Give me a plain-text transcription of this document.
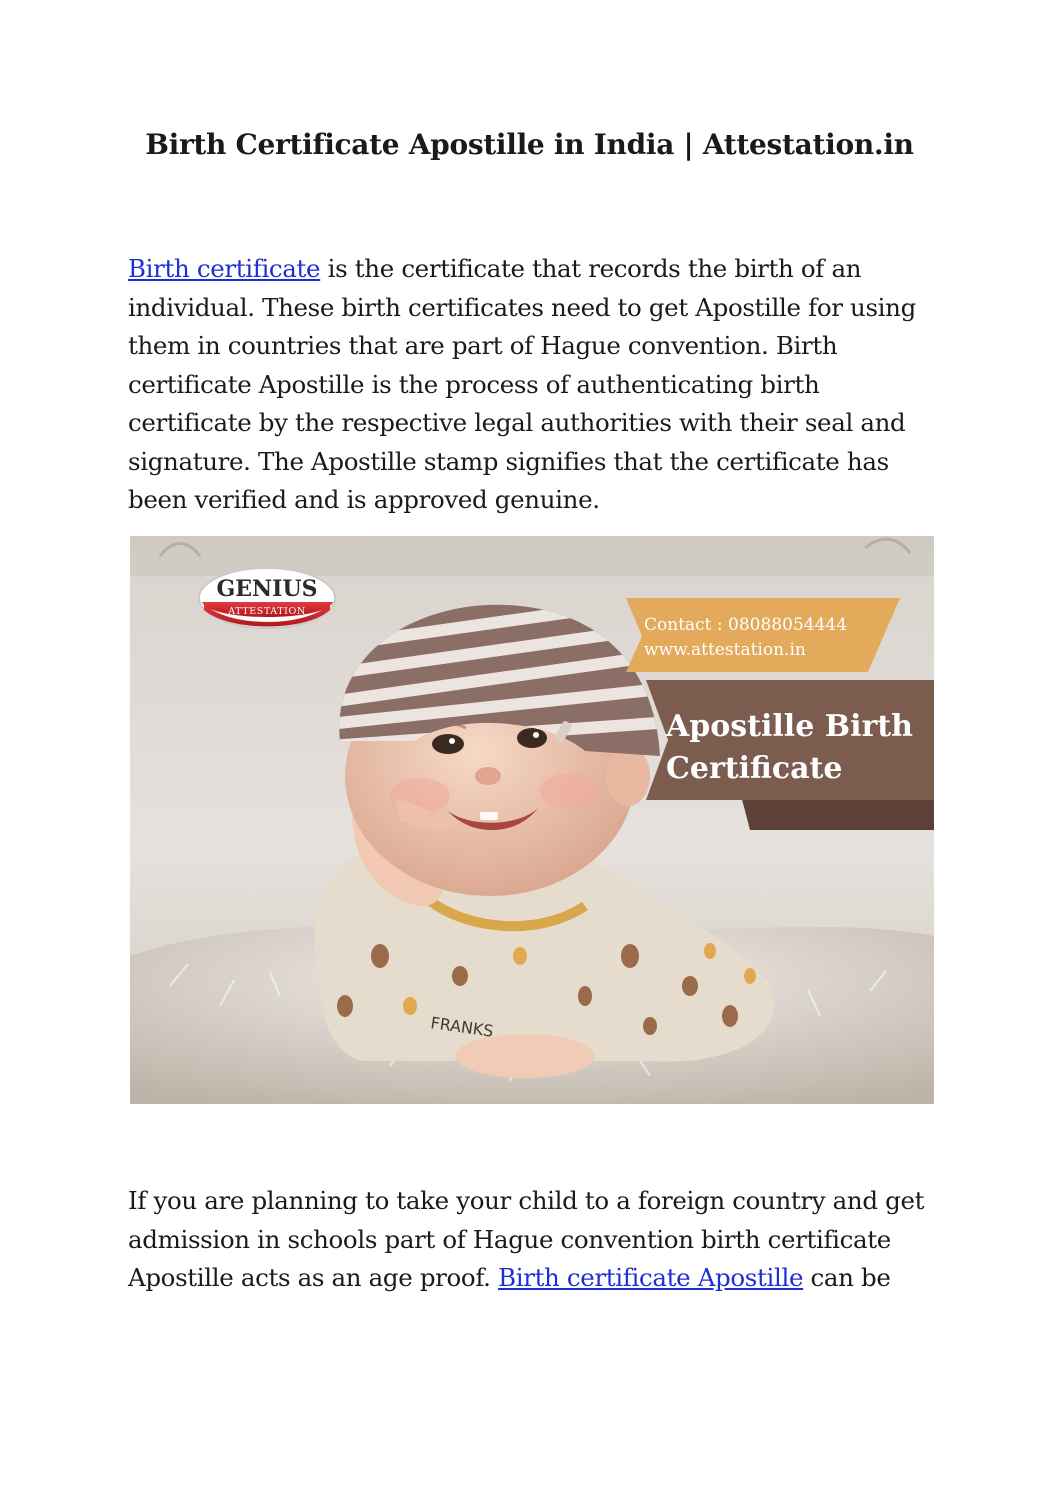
Birth Certificate Apostille in India | Attestation.in

Birth certificate is the certificate that records the birth of an individual. These birth certificates need to get Apostille for using them in countries that are part of Hague convention. Birth certificate Apostille is the process of authenticating birth certificate by the respective legal authorities with their seal and signature. The Apostille stamp signifies that the certificate has been verified and is approved genuine.

FRANKS
GENIUS
ATTESTATION
Contact : 08088054444
www.attestation.in
Apostille Birth
Certificate

If you are planning to take your child to a foreign country and get admission in schools part of Hague convention birth certificate Apostille acts as an age proof. Birth certificate Apostille can be
